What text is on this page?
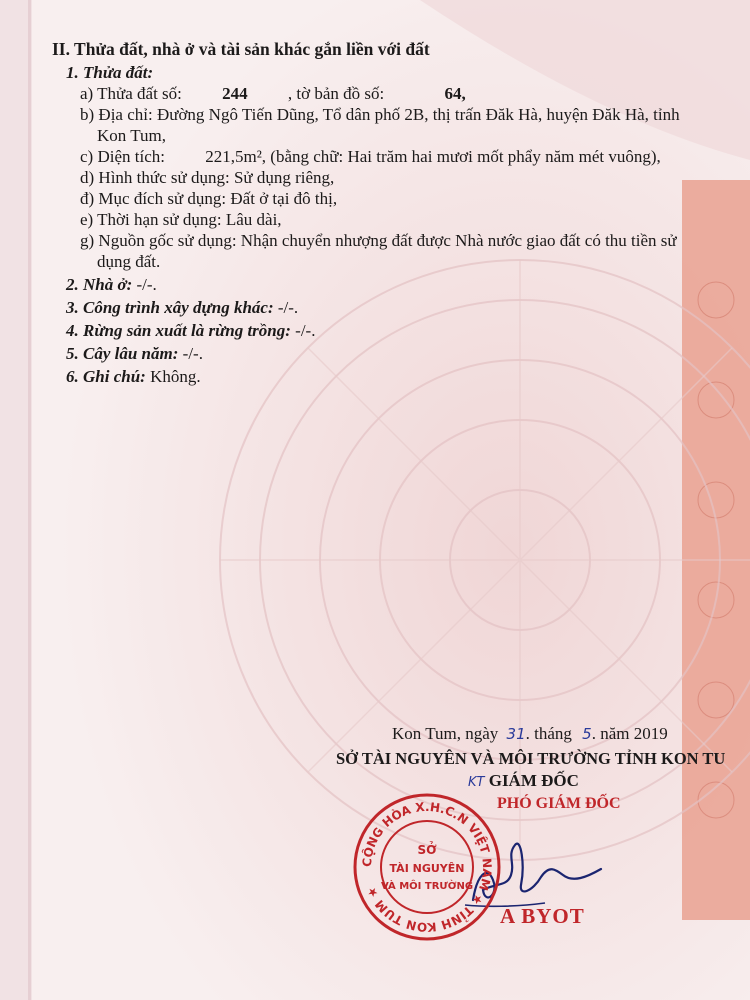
II. Thửa đất, nhà ở và tài sản khác gắn liền với đất
1. Thửa đất:
a) Thửa đất số: 244 , tờ bản đồ số:	64,
b) Địa chỉ: Đường Ngô Tiến Dũng, Tổ dân phố 2B, thị trấn Đăk Hà, huyện Đăk Hà, tỉnh
Kon Tum,
c) Diện tích: 221,5m², (bằng chữ: Hai trăm hai mươi mốt phẩy năm mét vuông),
d) Hình thức sử dụng: Sử dụng riêng,
đ) Mục đích sử dụng: Đất ở tại đô thị,
e) Thời hạn sử dụng: Lâu dài,
g) Nguồn gốc sử dụng: Nhận chuyển nhượng đất được Nhà nước giao đất có thu tiền sử
dụng đất.
2. Nhà ở: -/-.
3. Công trình xây dựng khác: -/-.
4. Rừng sản xuất là rừng trồng: -/-.
5. Cây lâu năm: -/-.
6. Ghi chú: Không.
Kon Tum, ngày 31. tháng 5. năm 2019
SỞ TÀI NGUYÊN VÀ MÔI TRƯỜNG TỈNH KON TU
KT GIÁM ĐỐC
PHÓ GIÁM ĐỐC
A BYOT
CỘNG HÒA X.H.C.N VIỆT NAM ★ TỈNH KON TUM ★
SỞ
TÀI NGUYÊN
VÀ MÔI TRƯỜNG
